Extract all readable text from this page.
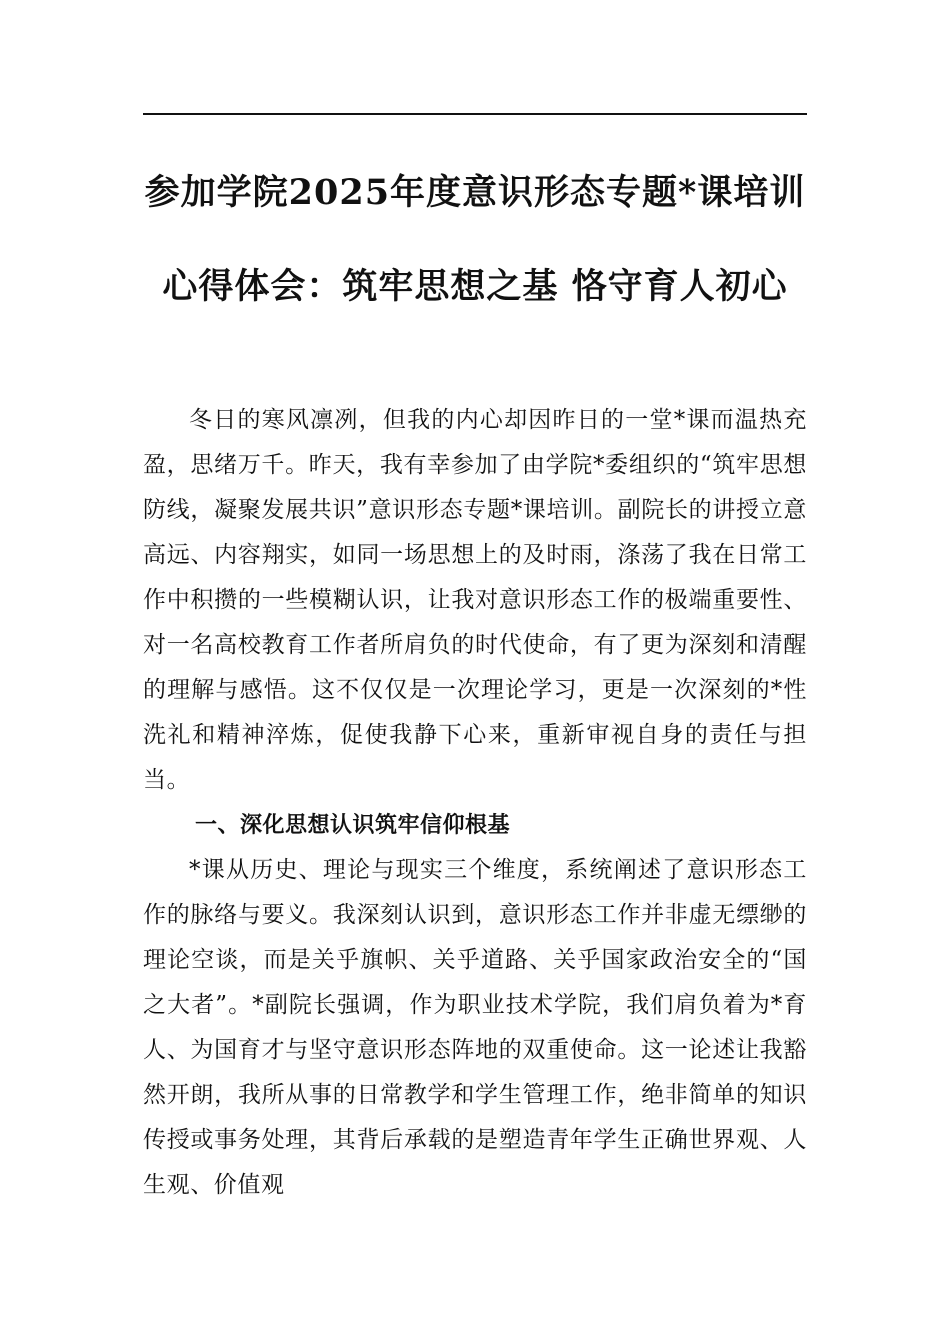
参加学院2025年度意识形态专题*课培训
心得体会：筑牢思想之基 恪守育人初心

冬日的寒风凛冽，但我的内心却因昨日的一堂*课而温热充盈，思绪万千。昨天，我有幸参加了由学院*委组织的“筑牢思想防线，凝聚发展共识”意识形态专题*课培训。副院长的讲授立意高远、内容翔实，如同一场思想上的及时雨，涤荡了我在日常工作中积攒的一些模糊认识，让我对意识形态工作的极端重要性、对一名高校教育工作者所肩负的时代使命，有了更为深刻和清醒的理解与感悟。这不仅仅是一次理论学习，更是一次深刻的*性洗礼和精神淬炼，促使我静下心来，重新审视自身的责任与担当。

一、深化思想认识筑牢信仰根基

*课从历史、理论与现实三个维度，系统阐述了意识形态工作的脉络与要义。我深刻认识到，意识形态工作并非虚无缥缈的理论空谈，而是关乎旗帜、关乎道路、关乎国家政治安全的“国之大者”。*副院长强调，作为职业技术学院，我们肩负着为*育人、为国育才与坚守意识形态阵地的双重使命。这一论述让我豁然开朗，我所从事的日常教学和学生管理工作，绝非简单的知识传授或事务处理，其背后承载的是塑造青年学生正确世界观、人生观、价值观
